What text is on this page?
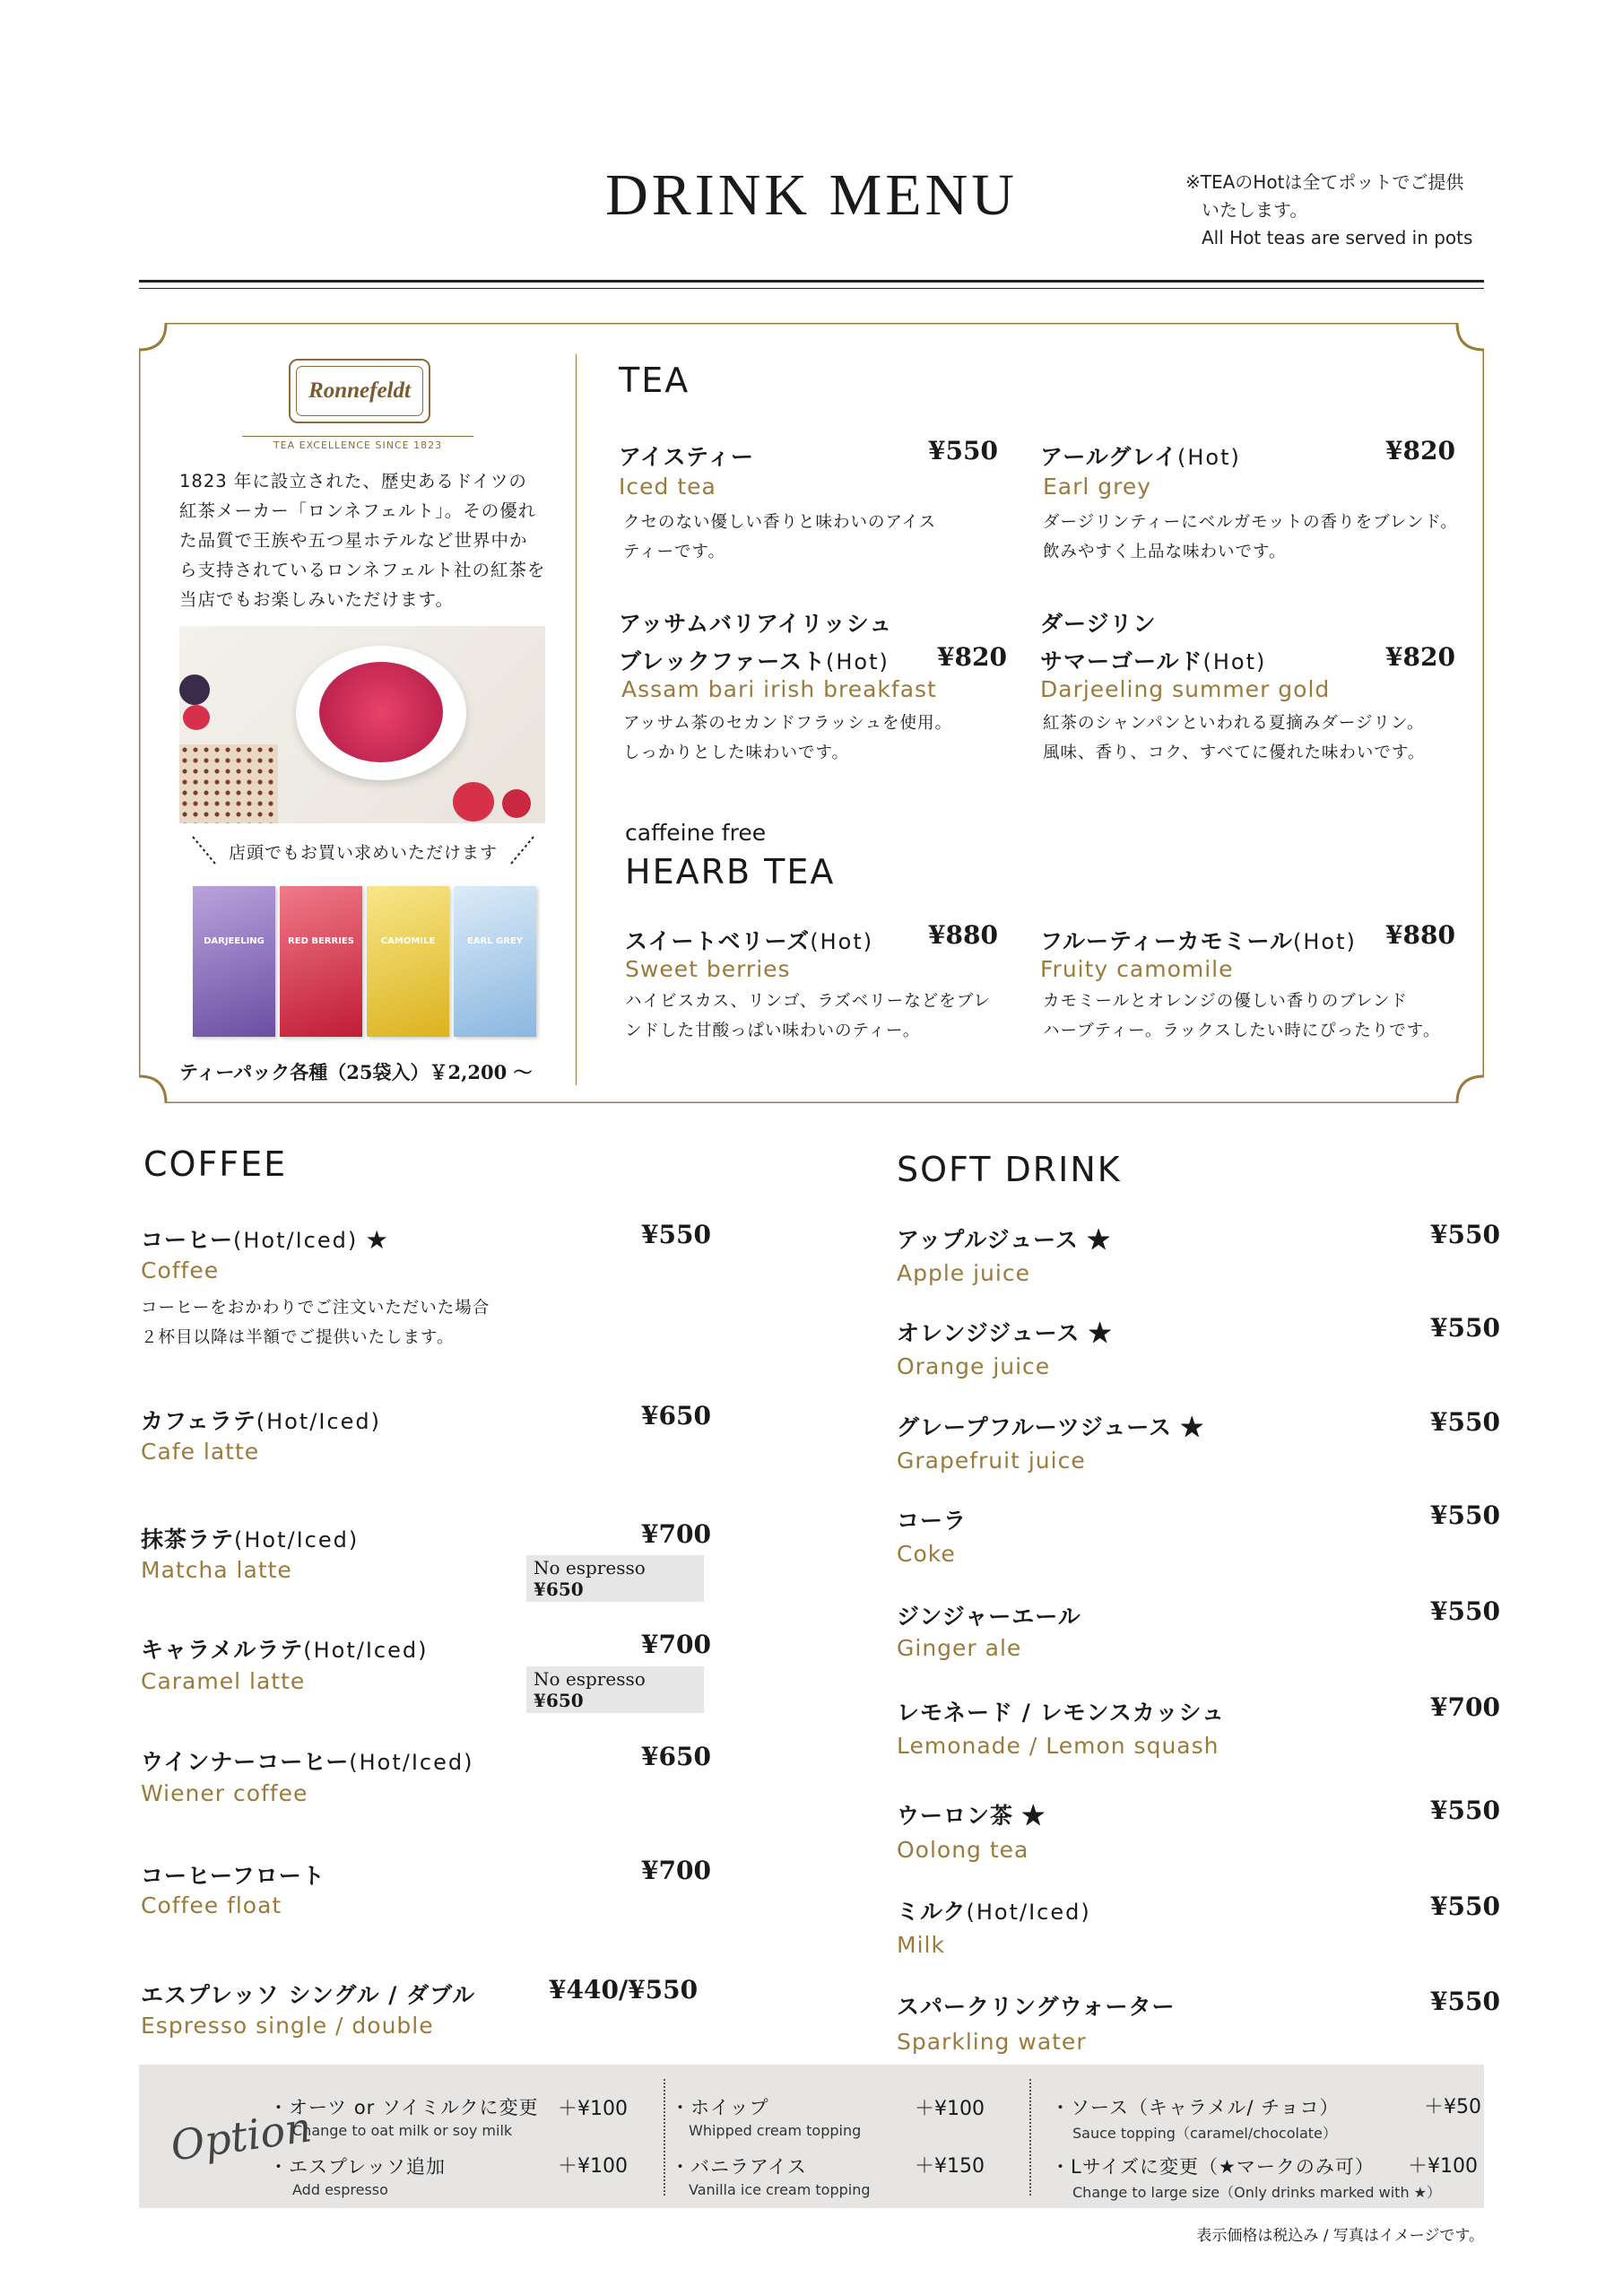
DRINK MENU	※TEAのHotは全てポットでご提供
いたします。
All Hot teas are served in pots
Ronnefeldt
TEA EXCELLENCE SINCE 1823
1823 年に設立された、歴史あるドイツの
紅茶メーカー「ロンネフェルト」。その優れ
た品質で王族や五つ星ホテルなど世界中か
ら支持されているロンネフェルト社の紅茶を
当店でもお楽しみいただけます。
店頭でもお買い求めいただけます
DARJEELING	RED BERRIES	CAMOMILE	EARL GREY
ティーパック各種（25袋入）￥2,200 〜
TEA
アイスティー	¥550
Iced tea
クセのない優しい香りと味わいのアイス
ティーです。
アールグレイ(Hot)	¥820
Earl grey
ダージリンティーにベルガモットの香りをブレンド。
飲みやすく上品な味わいです。
アッサムバリアイリッシュ
ブレックファースト(Hot) ¥820
Assam bari irish breakfast
アッサム茶のセカンドフラッシュを使用。
しっかりとした味わいです。
ダージリン
サマーゴールド(Hot)	¥820
Darjeeling summer gold
紅茶のシャンパンといわれる夏摘みダージリン。
風味、香り、コク、すべてに優れた味わいです。
caffeine free
HEARB TEA
スイートベリーズ(Hot) ¥880
Sweet berries
ハイビスカス、リンゴ、ラズベリーなどをブレ
ンドした甘酸っぱい味わいのティー。
フルーティーカモミール(Hot) ¥880
Fruity camomile
カモミールとオレンジの優しい香りのブレンド
ハーブティー。ラックスしたい時にぴったりです。
COFFEE
コーヒー(Hot/Iced) ★	¥550
Coffee
コーヒーをおかわりでご注文いただいた場合
２杯目以降は半額でご提供いたします。
カフェラテ(Hot/Iced)	¥650
Cafe latte
抹茶ラテ(Hot/Iced)	¥700
Matcha latte	No espresso ¥650
キャラメルラテ(Hot/Iced)	¥700
Caramel latte	No espresso ¥650
ウインナーコーヒー(Hot/Iced)	¥650
Wiener coffee
コーヒーフロート	¥700
Coffee float
エスプレッソ シングル / ダブル	¥440/¥550
Espresso single / double
SOFT DRINK
アップルジュース ★	¥550
Apple juice
オレンジジュース ★	¥550
Orange juice
グレープフルーツジュース ★	¥550
Grapefruit juice
コーラ	¥550
Coke
ジンジャーエール	¥550
Ginger ale
レモネード / レモンスカッシュ	¥700
Lemonade / Lemon squash
ウーロン茶 ★	¥550
Oolong tea
ミルク(Hot/Iced)	¥550
Milk
スパークリングウォーター	¥550
Sparkling water
Option
・オーツ or ソイミルクに変更
Change to oat milk or soy milk
＋¥100
・エスプレッソ追加
Add espresso
＋¥100
・ホイップ
Whipped cream topping
＋¥100
・バニラアイス
Vanilla ice cream topping
＋¥150
・ソース（キャラメル/ チョコ）
Sauce topping（caramel/chocolate）
＋¥50
・Lサイズに変更（★マークのみ可）
Change to large size（Only drinks marked with ★）
＋¥100
表示価格は税込み / 写真はイメージです。
